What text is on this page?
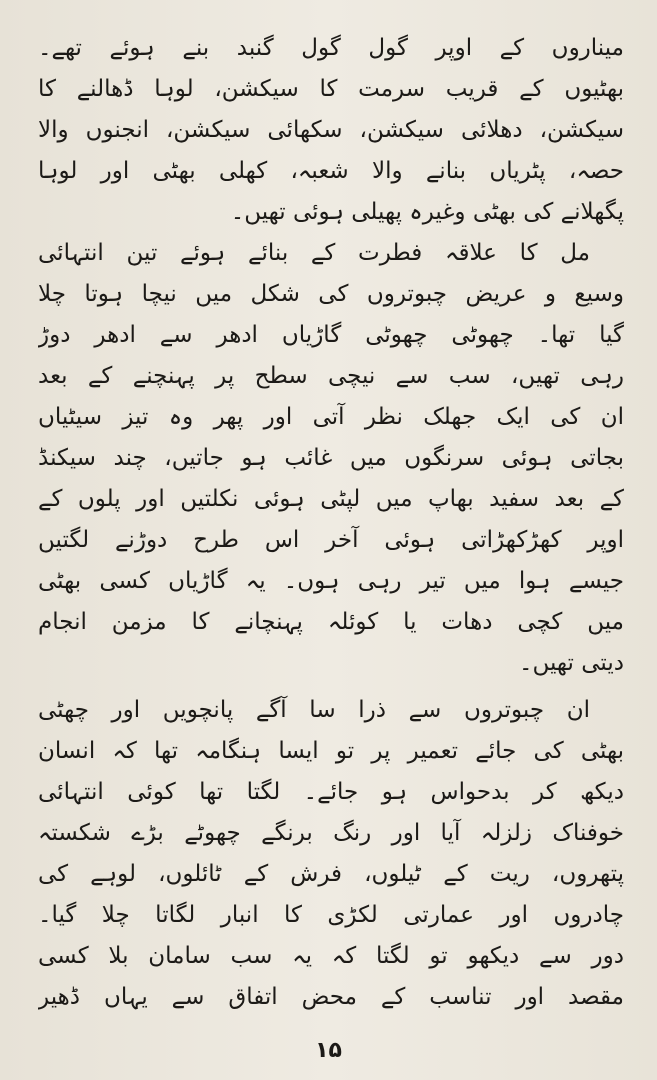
میناروں کے اوپر گول گول گنبد بنے ہوئے تھے۔
بھٹیوں کے قریب سرمت کا سیکشن، لوہا ڈھالنے کا
سیکشن، دھلائی سیکشن، سکھائی سیکشن، انجنوں والا
حصہ، پٹریاں بنانے والا شعبہ، کھلی بھٹی اور لوہا
پگھلانے کی بھٹی وغیرہ پھیلی ہوئی تھیں۔
مل کا علاقہ فطرت کے بنائے ہوئے تین انتہائی
وسیع و عریض چبوتروں کی شکل میں نیچا ہوتا چلا
گیا تھا۔ چھوٹی چھوٹی گاڑیاں ادھر سے ادھر دوڑ
رہی تھیں، سب سے نیچی سطح پر پہنچنے کے بعد
ان کی ایک جھلک نظر آتی اور پھر وہ تیز سیٹیاں
بجاتی ہوئی سرنگوں میں غائب ہو جاتیں، چند سیکنڈ
کے بعد سفید بھاپ میں لپٹی ہوئی نکلتیں اور پلوں کے
اوپر کھڑکھڑاتی ہوئی آخر اس طرح دوڑنے لگتیں
جیسے ہوا میں تیر رہی ہوں۔ یہ گاڑیاں کسی بھٹی
میں کچی دھات یا کوئلہ پہنچانے کا مزمن انجام
دیتی تھیں۔
ان چبوتروں سے ذرا سا آگے پانچویں اور چھٹی
بھٹی کی جائے تعمیر پر تو ایسا ہنگامہ تھا کہ انسان
دیکھ کر بدحواس ہو جائے۔ لگتا تھا کوئی انتہائی
خوفناک زلزلہ آیا اور رنگ برنگے چھوٹے بڑے شکستہ
پتھروں، ریت کے ٹیلوں، فرش کے ٹائلوں، لوہے کی
چادروں اور عمارتی لکڑی کا انبار لگاتا چلا گیا۔
دور سے دیکھو تو لگتا کہ یہ سب سامان بلا کسی
مقصد اور تناسب کے محض اتفاق سے یہاں ڈھیر
۱۵
